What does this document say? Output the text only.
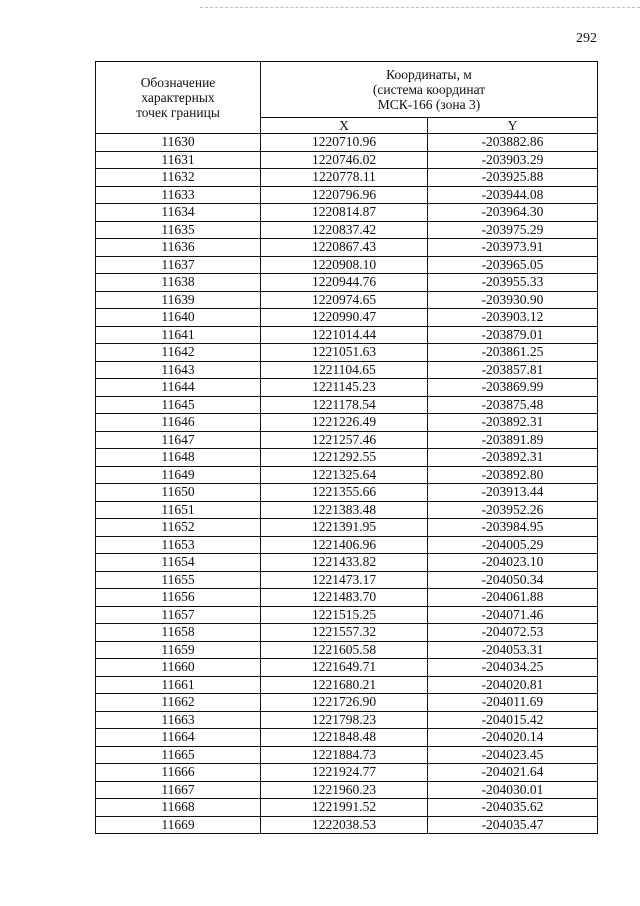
292
Обозначение
характерных
точек границы	Координаты, м
(система координат
МСК-166 (зона 3)	

	X	Y
11630	1220710.96	-203882.86
11631	1220746.02	-203903.29
11632	1220778.11	-203925.88
11633	1220796.96	-203944.08
11634	1220814.87	-203964.30
11635	1220837.42	-203975.29
11636	1220867.43	-203973.91
11637	1220908.10	-203965.05
11638	1220944.76	-203955.33
11639	1220974.65	-203930.90
11640	1220990.47	-203903.12
11641	1221014.44	-203879.01
11642	1221051.63	-203861.25
11643	1221104.65	-203857.81
11644	1221145.23	-203869.99
11645	1221178.54	-203875.48
11646	1221226.49	-203892.31
11647	1221257.46	-203891.89
11648	1221292.55	-203892.31
11649	1221325.64	-203892.80
11650	1221355.66	-203913.44
11651	1221383.48	-203952.26
11652	1221391.95	-203984.95
11653	1221406.96	-204005.29
11654	1221433.82	-204023.10
11655	1221473.17	-204050.34
11656	1221483.70	-204061.88
11657	1221515.25	-204071.46
11658	1221557.32	-204072.53
11659	1221605.58	-204053.31
11660	1221649.71	-204034.25
11661	1221680.21	-204020.81
11662	1221726.90	-204011.69
11663	1221798.23	-204015.42
11664	1221848.48	-204020.14
11665	1221884.73	-204023.45
11666	1221924.77	-204021.64
11667	1221960.23	-204030.01
11668	1221991.52	-204035.62
11669	1222038.53	-204035.47
